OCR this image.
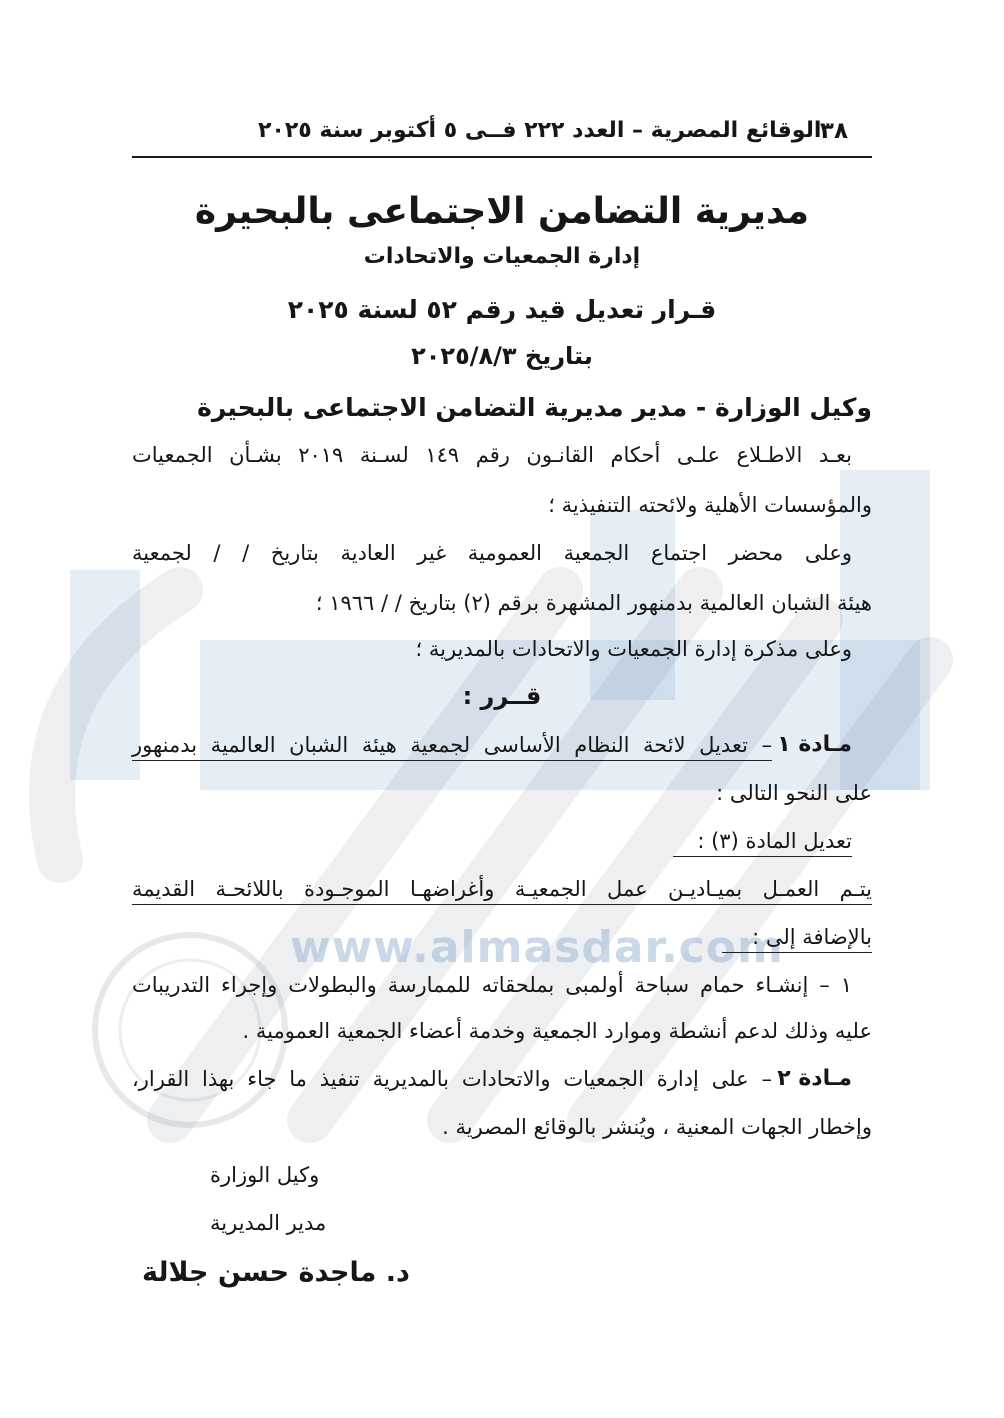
www.almasdar.com
٣٨
الوقائع المصرية – العدد ٢٢٢ فــى ٥ أكتوبر سنة ٢٠٢٥
مديرية التضامن الاجتماعى بالبحيرة
إدارة الجمعيات والاتحادات
قـرار تعديل قيد رقم ٥٢ لسنة ٢٠٢٥
بتاريخ ٢٠٢٥/٨/٣
وكيل الوزارة - مدير مديرية التضامن الاجتماعى بالبحيرة
بعـد الاطـلاع علـى أحكام القانـون رقم ١٤٩ لسـنة ٢٠١٩ بشـأن الجمعيات
والمؤسسات الأهلية ولائحته التنفيذية ؛
وعلى محضر اجتماع الجمعية العمومية غير العادية بتاريخ / / لجمعية
هيئة الشبان العالمية بدمنهور المشهرة برقم (٢) بتاريخ / / ١٩٦٦ ؛
وعلى مذكرة إدارة الجمعيات والاتحادات بالمديرية ؛
قــرر :
مـادة ١
– تعديل لائحة النظام الأساسى لجمعية هيئة الشبان العالمية بدمنهور
على النحو التالى :
تعديل المادة (٣) :
يتـم العمـل بميـاديـن عمل الجمعيـة وأغراضهـا الموجـودة باللائحـة القديمة
بالإضافة إلى :
١ – إنشـاء حمام سباحة أولمبى بملحقاته للممارسة والبطولات وإجراء التدريبات
عليه وذلك لدعم أنشطة وموارد الجمعية وخدمة أعضاء الجمعية العمومية .
مـادة ٢
– على إدارة الجمعيات والاتحادات بالمديرية تنفيذ ما جاء بهذا القرار،
وإخطار الجهات المعنية ، ويُنشر بالوقائع المصرية .
وكيل الوزارة
مدير المديرية
د. ماجدة حسن جلالة
